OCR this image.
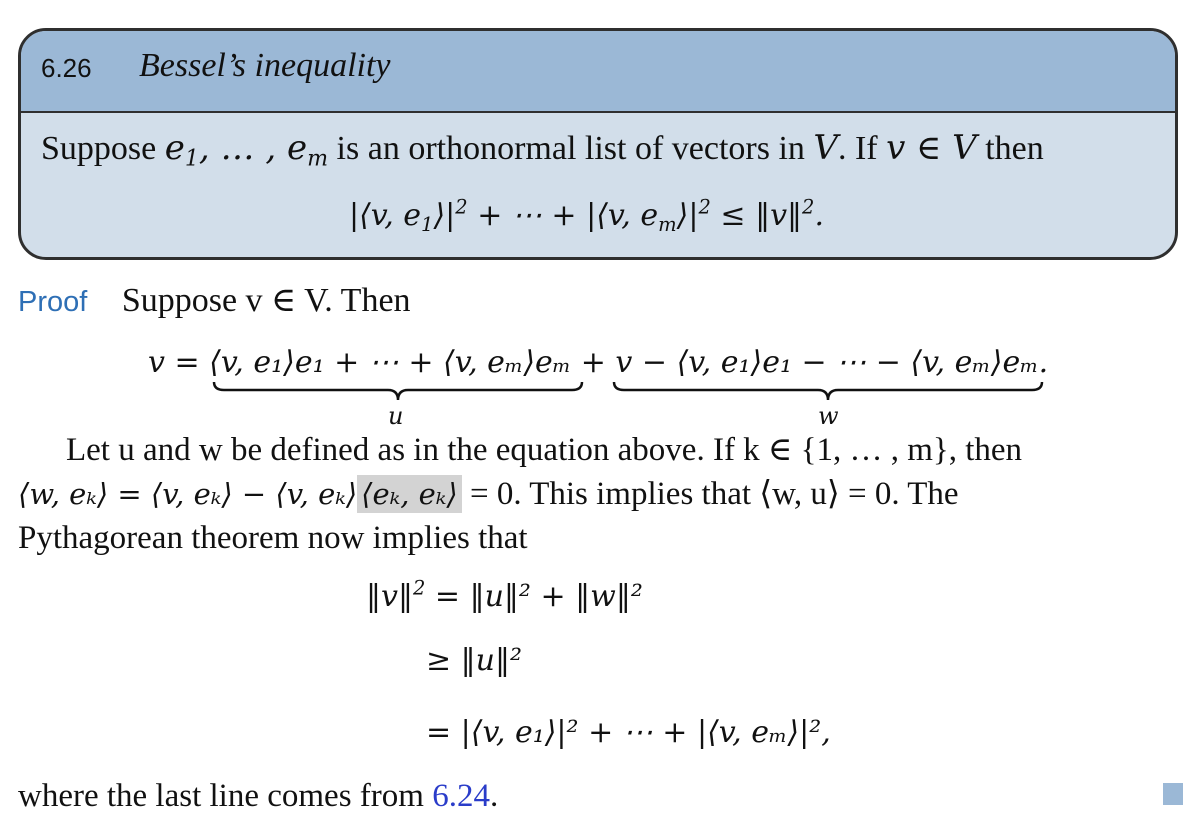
6.26 Bessel’s inequality
Suppose $e_1$, … , $e_m$ is an orthonormal list of vectors in V. If v ∈ V then
|⟨v, $e_1⟩|^2$ + ⋯ + |⟨v, $e_m⟩|^2$ ≤ ‖v‖$^2$.
Proof Suppose v ∈ V. Then
v = ⟨v, e₁⟩e₁ + ⋯ + ⟨v, eₘ⟩eₘ + v − ⟨v, e₁⟩e₁ − ⋯ − ⟨v, eₘ⟩eₘ.
u	w
Let u and w be defined as in the equation above. If k ∈ {1, … , m}, then
⟨w, eₖ⟩ = ⟨v, eₖ⟩ − ⟨v, eₖ⟩ ⟨eₖ, eₖ⟩ = 0. This implies that ⟨w, u⟩ = 0. The
Pythagorean theorem now implies that
‖v‖$^2$ = ‖u‖² + ‖w‖²
≥ ‖u‖²
= |⟨v, e₁⟩|² + ⋯ + |⟨v, eₘ⟩|²,
where the last line comes from 6.24.
